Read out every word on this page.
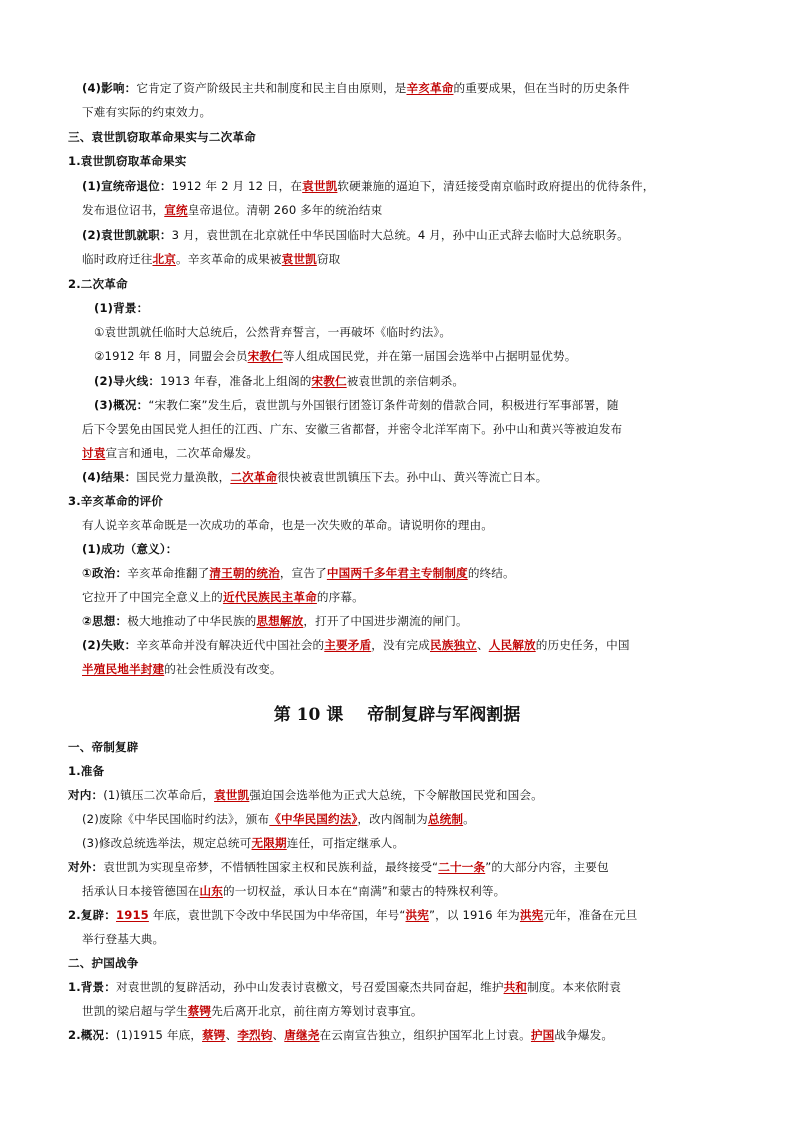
(4)影响：它肯定了资产阶级民主共和制度和民主自由原则，是辛亥革命的重要成果，但在当时的历史条件
下难有实际的约束效力。
三、袁世凯窃取革命果实与二次革命
1.袁世凯窃取革命果实
(1)宣统帝退位：1912 年 2 月 12 日，在袁世凯软硬兼施的逼迫下，清廷接受南京临时政府提出的优待条件，
发布退位诏书，宣统皇帝退位。清朝 260 多年的统治结束
(2)袁世凯就职：3 月，袁世凯在北京就任中华民国临时大总统。4 月，孙中山正式辞去临时大总统职务。
临时政府迁往北京。辛亥革命的成果被袁世凯窃取
2.二次革命
(1)背景：
①袁世凯就任临时大总统后，公然背弃誓言，一再破坏《临时约法》。
②1912 年 8 月，同盟会会员宋教仁等人组成国民党，并在第一届国会选举中占据明显优势。
(2)导火线：1913 年春，准备北上组阁的宋教仁被袁世凯的亲信刺杀。
(3)概况：“宋教仁案”发生后，袁世凯与外国银行团签订条件苛刻的借款合同，积极进行军事部署，随
后下令罢免由国民党人担任的江西、广东、安徽三省都督，并密令北洋军南下。孙中山和黄兴等被迫发布
讨袁宣言和通电，二次革命爆发。
(4)结果：国民党力量涣散，二次革命很快被袁世凯镇压下去。孙中山、黄兴等流亡日本。
3.辛亥革命的评价
有人说辛亥革命既是一次成功的革命，也是一次失败的革命。请说明你的理由。
(1)成功（意义）：
①政治：辛亥革命推翻了清王朝的统治，宣告了中国两千多年君主专制制度的终结。
它拉开了中国完全意义上的近代民族民主革命的序幕。
②思想：极大地推动了中华民族的思想解放，打开了中国进步潮流的闸门。
(2)失败：辛亥革命并没有解决近代中国社会的主要矛盾，没有完成民族独立、人民解放的历史任务，中国
半殖民地半封建的社会性质没有改变。
一、帝制复辟
1.准备
对内：(1)镇压二次革命后，袁世凯强迫国会选举他为正式大总统，下令解散国民党和国会。
(2)废除《中华民国临时约法》，颁布《中华民国约法》，改内阁制为总统制。
(3)修改总统选举法，规定总统可无限期连任，可指定继承人。
对外：袁世凯为实现皇帝梦，不惜牺牲国家主权和民族利益，最终接受“二十一条”的大部分内容，主要包
括承认日本接管德国在山东的一切权益，承认日本在“南满”和蒙古的特殊权利等。
2.复辟：1915 年底，袁世凯下令改中华民国为中华帝国，年号“洪宪”，以 1916 年为洪宪元年，准备在元旦
举行登基大典。
二、护国战争
1.背景：对袁世凯的复辟活动，孙中山发表讨袁檄文，号召爱国豪杰共同奋起，维护共和制度。本来依附袁
世凯的梁启超与学生蔡锷先后离开北京，前往南方筹划讨袁事宜。
2.概况：(1)1915 年底，蔡锷、李烈钧、唐继尧在云南宣告独立，组织护国军北上讨袁。护国战争爆发。
第 10 课 帝制复辟与军阀割据
